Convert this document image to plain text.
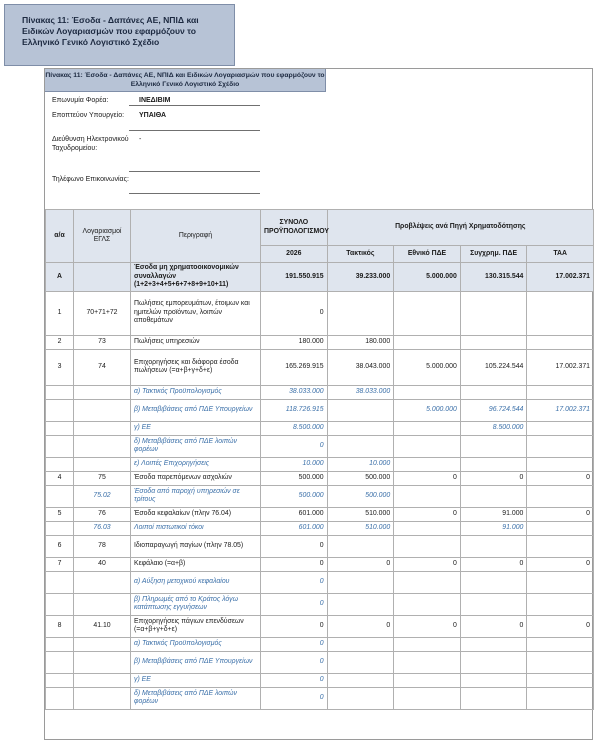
Πίνακας 11: Έσοδα - Δαπάνες ΑΕ, ΝΠΙΔ και Ειδικών Λογαριασμών που εφαρμόζουν το Ελληνικό Γενικό Λογιστικό Σχέδιο
Πίνακας 11: Έσοδα - Δαπάνες ΑΕ, ΝΠΙΔ και Ειδικών Λογαριασμών που εφαρμόζουν το Ελληνικό Γενικό Λογιστικό Σχέδιο
Επωνυμία Φορέα:	ΙΝΕΔΙΒΙΜ
Εποπτεύον Υπουργείο:	ΥΠΑΙΘΑ
Διεύθυνση Ηλεκτρονικού Ταχυδρομείου:
-
Τηλέφωνο Επικοινωνίας:
α/α	Λογαριασμοί ΕΓΛΣ	Περιγραφή	ΣΥΝΟΛΟ ΠΡΟΫΠΟΛΟΓΙΣΜΟΥ	Προβλέψεις ανά Πηγή Χρηματοδότησης			
			2026	Τακτικός	Εθνικό ΠΔΕ	Συγχρημ. ΠΔΕ	ΤΑΑ
Α		Έσοδα μη χρηματοοικονομικών συναλλαγών (1+2+3+4+5+6+7+8+9+10+11)	191.550.915	39.233.000	5.000.000	130.315.544	17.002.371
1	70+71+72	Πωλήσεις εμπορευμάτων, έτοιμων και ημιτελών προϊόντων, λοιπών αποθεμάτων	0				
2	73	Πωλήσεις υπηρεσιών	180.000	180.000			
3	74	Επιχορηγήσεις και διάφορα έσοδα πωλήσεων (=α+β+γ+δ+ε)	165.269.915	38.043.000	5.000.000	105.224.544	17.002.371
		α) Τακτικός Προϋπολογισμός	38.033.000	38.033.000			
		β) Μεταβιβάσεις από ΠΔΕ Υπουργείων	118.726.915		5.000.000	96.724.544	17.002.371
		γ) ΕΕ	8.500.000			8.500.000	
		δ) Μεταβιβάσεις από ΠΔΕ λοιπών φορέων	0				
		ε) Λοιπές Επιχορηγήσεις	10.000	10.000			
4	75	Έσοδα παρεπόμενων ασχολιών	500.000	500.000	0	0	0
	75.02	Έσοδα από παροχή υπηρεσιών σε τρίτους	500.000	500.000			
5	76	Έσοδα κεφαλαίων (πλην 76.04)	601.000	510.000	0	91.000	0
	76.03	Λοιποί πιστωτικοί τόκοι	601.000	510.000		91.000	
6	78	Ιδιοπαραγωγή παγίων (πλην 78.05)	0				
7	40	Κεφάλαιο (=α+β)	0	0	0	0	0
		α) Αύξηση μετοχικού κεφαλαίου	0				
		β) Πληρωμές από το Κράτος λόγω κατάπτωσης εγγυήσεων	0				
8	41.10	Επιχορηγήσεις πάγιων επενδύσεων (=α+β+γ+δ+ε)	0	0	0	0	0
		α) Τακτικός Προϋπολογισμός	0				
		β) Μεταβιβάσεις από ΠΔΕ Υπουργείων	0				
		γ) ΕΕ	0				
		δ) Μεταβιβάσεις από ΠΔΕ λοιπών φορέων	0				
